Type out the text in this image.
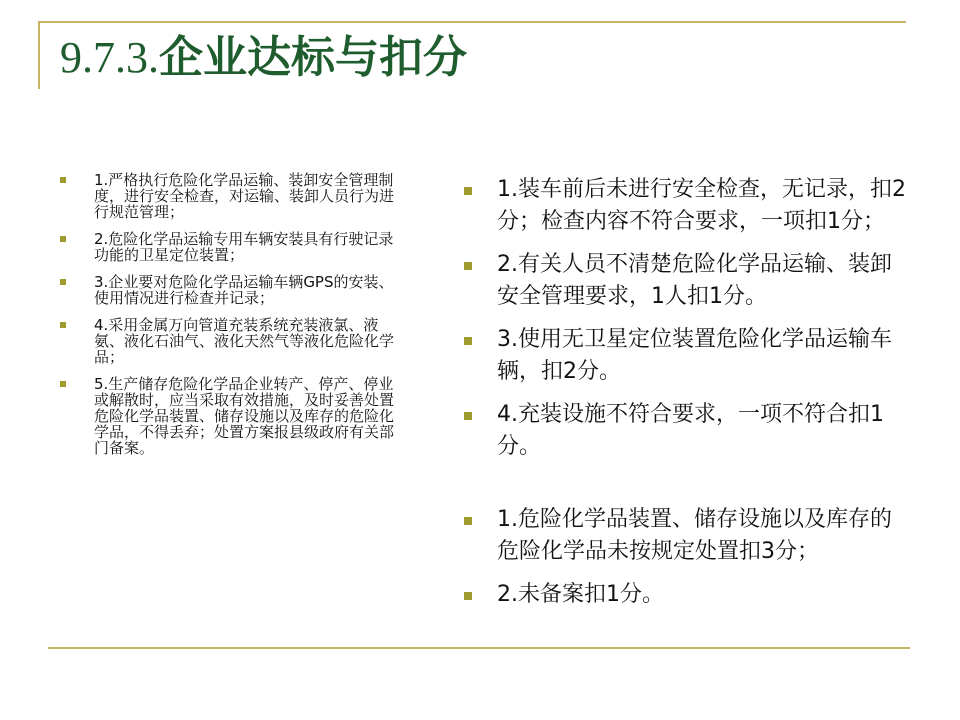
9.7.3.企业达标与扣分
1.严格执行危险化学品运输、装卸安全管理制度，进行安全检查，对运输、装卸人员行为进行规范管理；
2.危险化学品运输专用车辆安装具有行驶记录功能的卫星定位装置；
3.企业要对危险化学品运输车辆GPS的安装、使用情况进行检查并记录；
4.采用金属万向管道充装系统充装液氯、液氨、液化石油气、液化天然气等液化危险化学品；
5.生产储存危险化学品企业转产、停产、停业或解散时，应当采取有效措施，及时妥善处置危险化学品装置、储存设施以及库存的危险化学品，不得丢弃；处置方案报县级政府有关部门备案。
1.装车前后未进行安全检查，无记录，扣2分；检查内容不符合要求，一项扣1分；
2.有关人员不清楚危险化学品运输、装卸安全管理要求，1人扣1分。
3.使用无卫星定位装置危险化学品运输车辆，扣2分。
4.充装设施不符合要求，一项不符合扣1分。
1.危险化学品装置、储存设施以及库存的危险化学品未按规定处置扣3分；
2.未备案扣1分。
